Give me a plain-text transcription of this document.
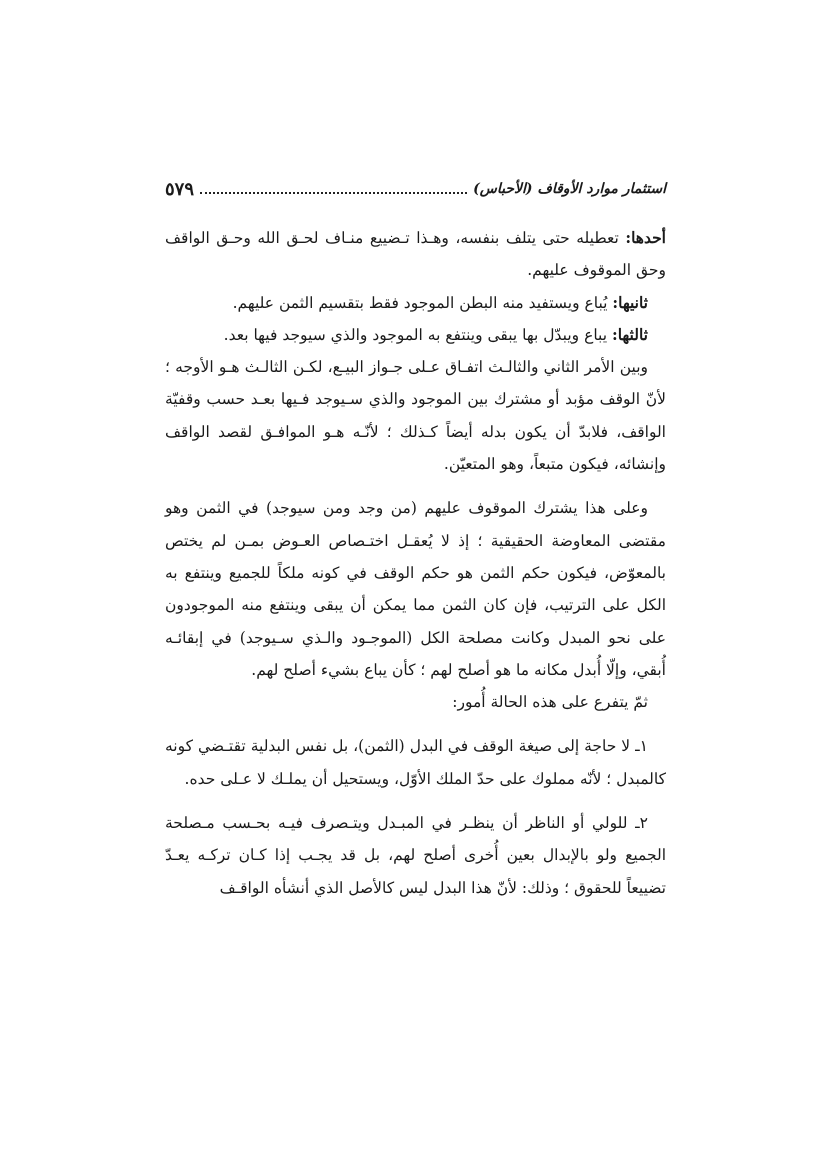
استثمار موارد الأوقاف (الأحباس)
٥٧٩

أحدها: تعطيله حتى يتلف بنفسه، وهـذا تـضييع منـاف لحـق الله وحـق الواقف وحق الموقوف عليهم.

ثانيها: يُباع ويستفيد منه البطن الموجود فقط بتقسيم الثمن عليهم.

ثالثها: يباع ويبدّل بها يبقى وينتفع به الموجود والذي سيوجد فيها بعد.

وبين الأمر الثاني والثالـث اتفـاق عـلى جـواز البيـع، لكـن الثالـث هـو الأوجه ؛ لأنّ الوقف مؤبد أو مشترك بين الموجود والذي سـيوجد فـيها بعـد حسب وقفيّة الواقف، فلابدّ أن يكون بدله أيضاً كـذلك ؛ لأنّـه هـو الموافـق لقصد الواقف وإنشائه، فيكون متبعاً، وهو المتعيّن.

وعلى هذا يشترك الموقوف عليهم (من وجد ومن سيوجد) في الثمن وهو مقتضى المعاوضة الحقيقية ؛ إذ لا يُعقـل اختـصاص العـوض بمـن لم يختص بالمعوّض، فيكون حكم الثمن هو حكم الوقف في كونه ملكاً للجميع وينتفع به الكل على الترتيب، فإن كان الثمن مما يمكن أن يبقى وينتفع منه الموجودون على نحو المبدل وكانت مصلحة الكل (الموجـود والـذي سـيوجد) في إبقائـه أُبقي، وإلّا أُبدل مكانه ما هو أصلح لهم ؛ كأن يباع بشيء أصلح لهم.

ثمّ يتفرع على هذه الحالة أُمور:

١ـ لا حاجة إلى صيغة الوقف في البدل (الثمن)، بل نفس البدلية تقتـضي كونه كالمبدل ؛ لأنّه مملوك على حدّ الملك الأوّل، ويستحيل أن يملـك لا عـلى حده.

٢ـ للولي أو الناظر أن ينظـر في المبـدل ويتـصرف فيـه بحـسب مـصلحة الجميع ولو بالإبدال بعين أُخرى أصلح لهم، بل قد يجـب إذا كـان تركـه يعـدّ تضييعاً للحقوق ؛ وذلك: لأنّ هذا البدل ليس كالأصل الذي أنشأه الواقـف
